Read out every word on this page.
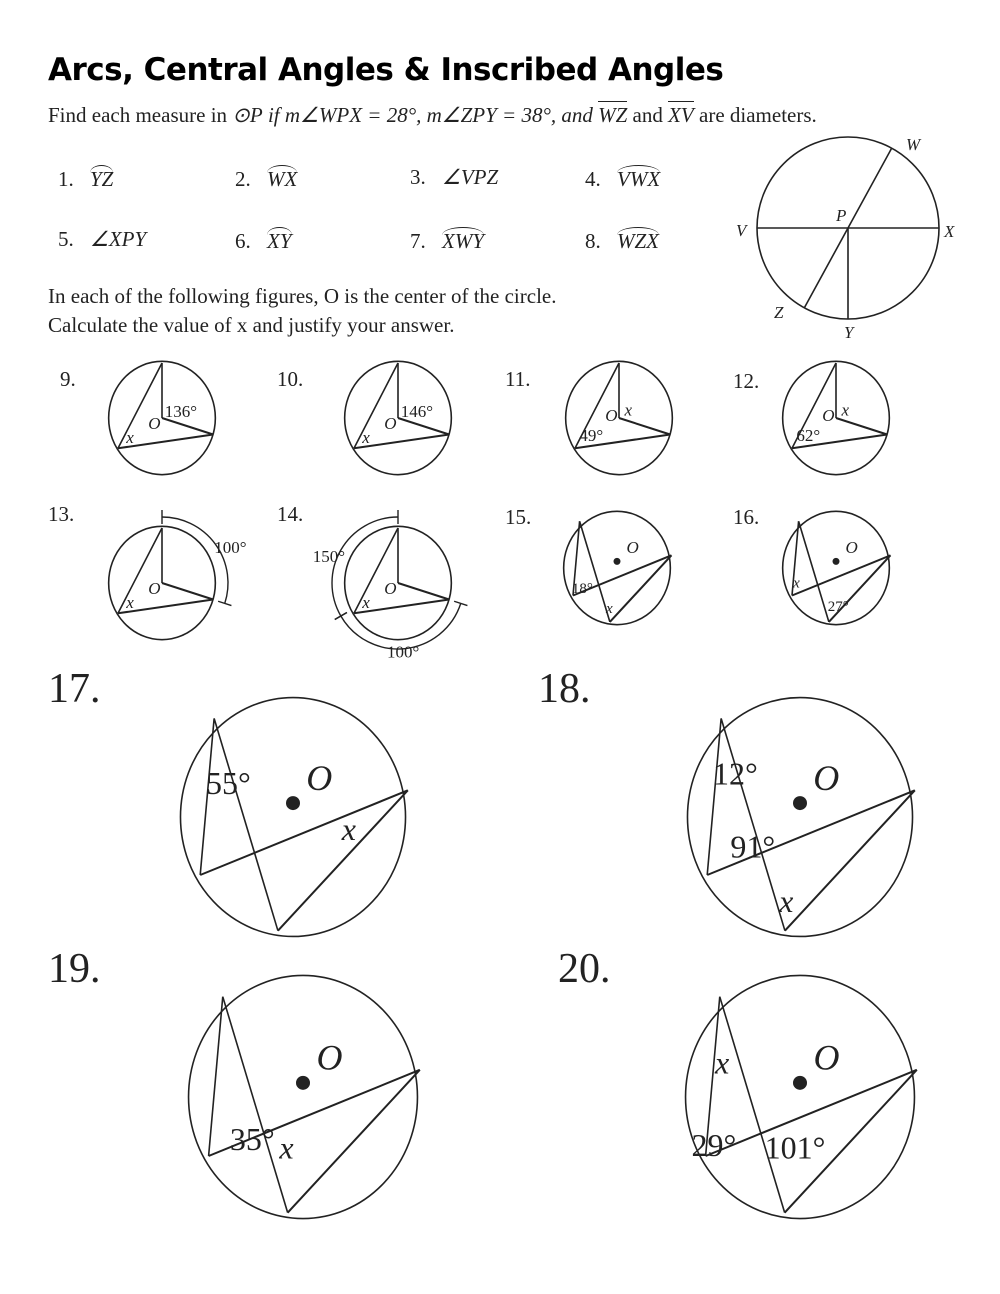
Arcs, Central Angles & Inscribed Angles
Find each measure in ⊙P if m∠WPX = 28°, m∠ZPY = 38°, and WZ and XV are diameters.
1. YZ	2. WX	3. ∠VPZ	4. VWX
5. ∠XPY	6. XY	7. XWY	8. WZX
In each of the following figures, O is the center of the circle.
Calculate the value of x and justify your answer.
9.	10.	11.	12.
13.	14.	15.	16.
17.	18.
19.	20.
W
P
V	X
Z
Y
O
136°
x
O
146°
x
O x
49°
O x
62°
O
x
100°
O
x
150°
100°
O
18°
x
O
x
27°
O
55°
x
O
12°
91°
x
O
35° x
O
x
29° 101°
